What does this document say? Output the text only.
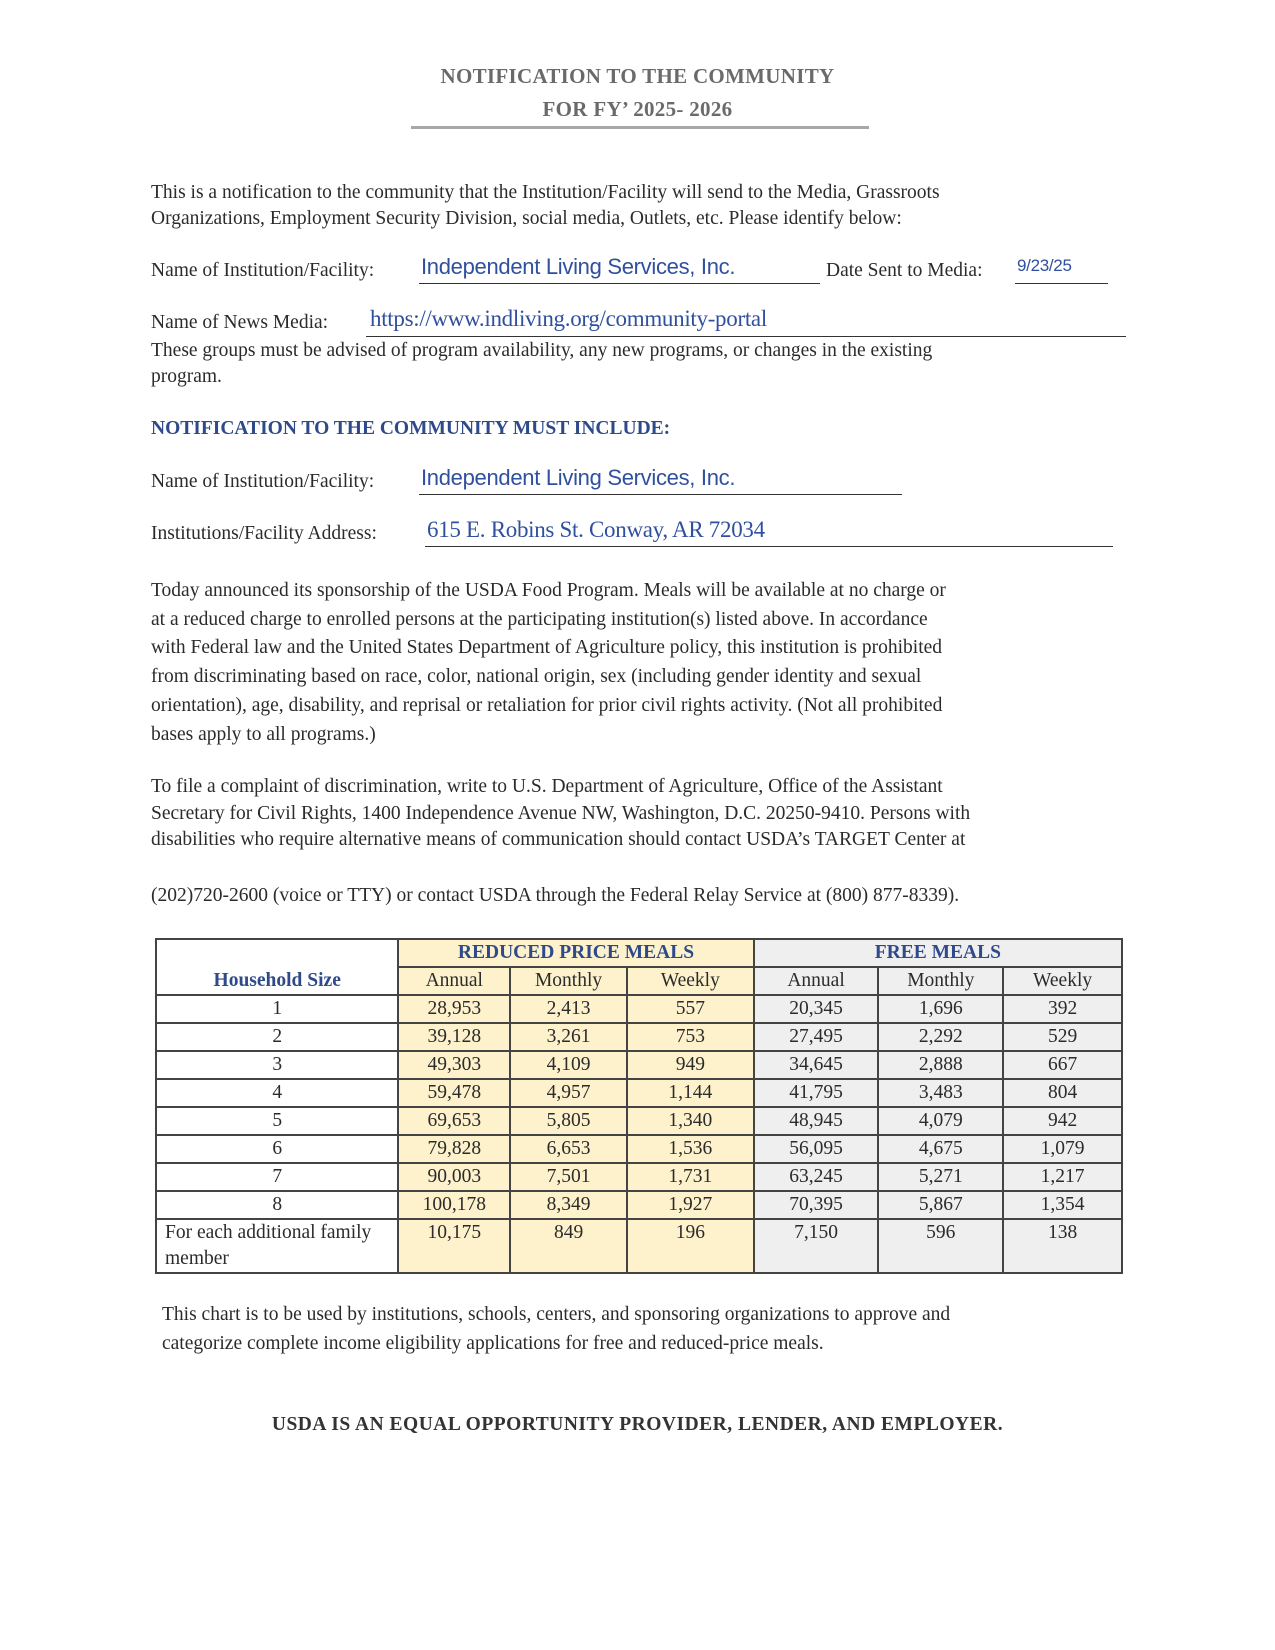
NOTIFICATION TO THE COMMUNITY
FOR FY’ 2025- 2026
This is a notification to the community that the Institution/Facility will send to the Media, Grassroots
Organizations, Employment Security Division, social media, Outlets, etc. Please identify below:
Name of Institution/Facility: Independent Living Services, Inc.	Date Sent to Media: 9/23/25
Name of News Media: https://www.indliving.org/community-portal
These groups must be advised of program availability, any new programs, or changes in the existing
program.
NOTIFICATION TO THE COMMUNITY MUST INCLUDE:
Name of Institution/Facility: Independent Living Services, Inc.
Institutions/Facility Address: 615 E. Robins St. Conway, AR 72034
Today announced its sponsorship of the USDA Food Program. Meals will be available at no charge or
at a reduced charge to enrolled persons at the participating institution(s) listed above. In accordance
with Federal law and the United States Department of Agriculture policy, this institution is prohibited
from discriminating based on race, color, national origin, sex (including gender identity and sexual
orientation), age, disability, and reprisal or retaliation for prior civil rights activity. (Not all prohibited
bases apply to all programs.)
To file a complaint of discrimination, write to U.S. Department of Agriculture, Office of the Assistant
Secretary for Civil Rights, 1400 Independence Avenue NW, Washington, D.C. 20250-9410. Persons with
disabilities who require alternative means of communication should contact USDA’s TARGET Center at
(202)720-2600 (voice or TTY) or contact USDA through the Federal Relay Service at (800) 877-8339).
Household Size	REDUCED PRICE MEALS			FREE MEALS		
	Annual	Monthly	Weekly	Annual	Monthly	Weekly
1	28,953	2,413	557	20,345	1,696	392
2	39,128	3,261	753	27,495	2,292	529
3	49,303	4,109	949	34,645	2,888	667
4	59,478	4,957	1,144	41,795	3,483	804
5	69,653	5,805	1,340	48,945	4,079	942
6	79,828	6,653	1,536	56,095	4,675	1,079
7	90,003	7,501	1,731	63,245	5,271	1,217
8	100,178	8,349	1,927	70,395	5,867	1,354
For each additional family member	10,175	849	196	7,150	596	138
This chart is to be used by institutions, schools, centers, and sponsoring organizations to approve and
categorize complete income eligibility applications for free and reduced-price meals.
USDA IS AN EQUAL OPPORTUNITY PROVIDER, LENDER, AND EMPLOYER.
